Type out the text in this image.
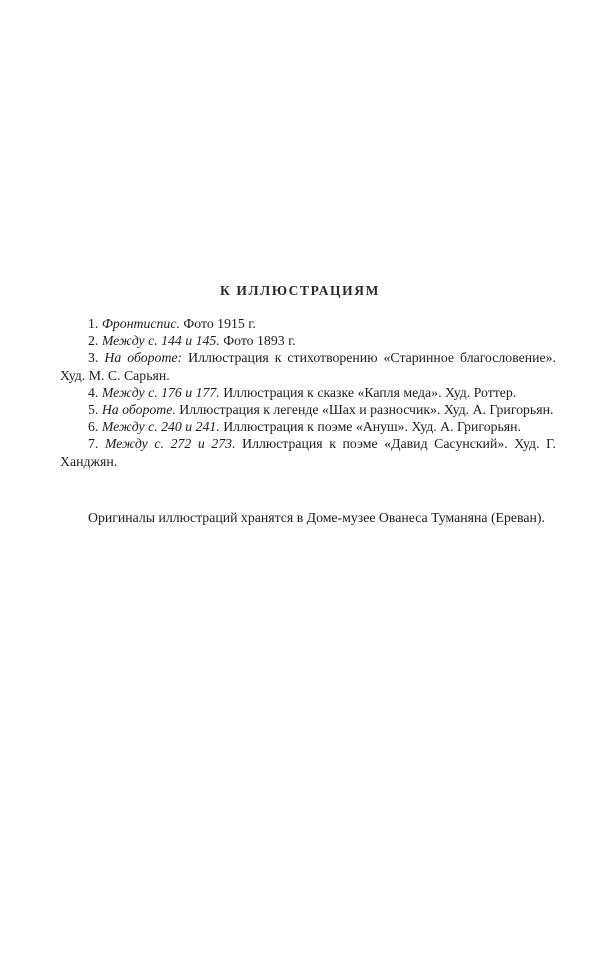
К ИЛЛЮСТРАЦИЯМ

1. Фронтиспис. Фото 1915 г.

2. Между с. 144 и 145. Фото 1893 г.

3. На обороте: Иллюстрация к стихотворению «Старинное благословение». Худ. М. С. Сарьян.

4. Между с. 176 и 177. Иллюстрация к сказке «Капля меда». Худ. Роттер.

5. На обороте. Иллюстрация к легенде «Шах и разносчик». Худ. А. Григорьян.

6. Между с. 240 и 241. Иллюстрация к поэме «Ануш». Худ. А. Григорьян.

7. Между с. 272 и 273. Иллюстрация к поэме «Давид Сасунский». Худ. Г. Ханджян.

Оригиналы иллюстраций хранятся в Доме-музее Ованеса Туманяна (Ереван).
